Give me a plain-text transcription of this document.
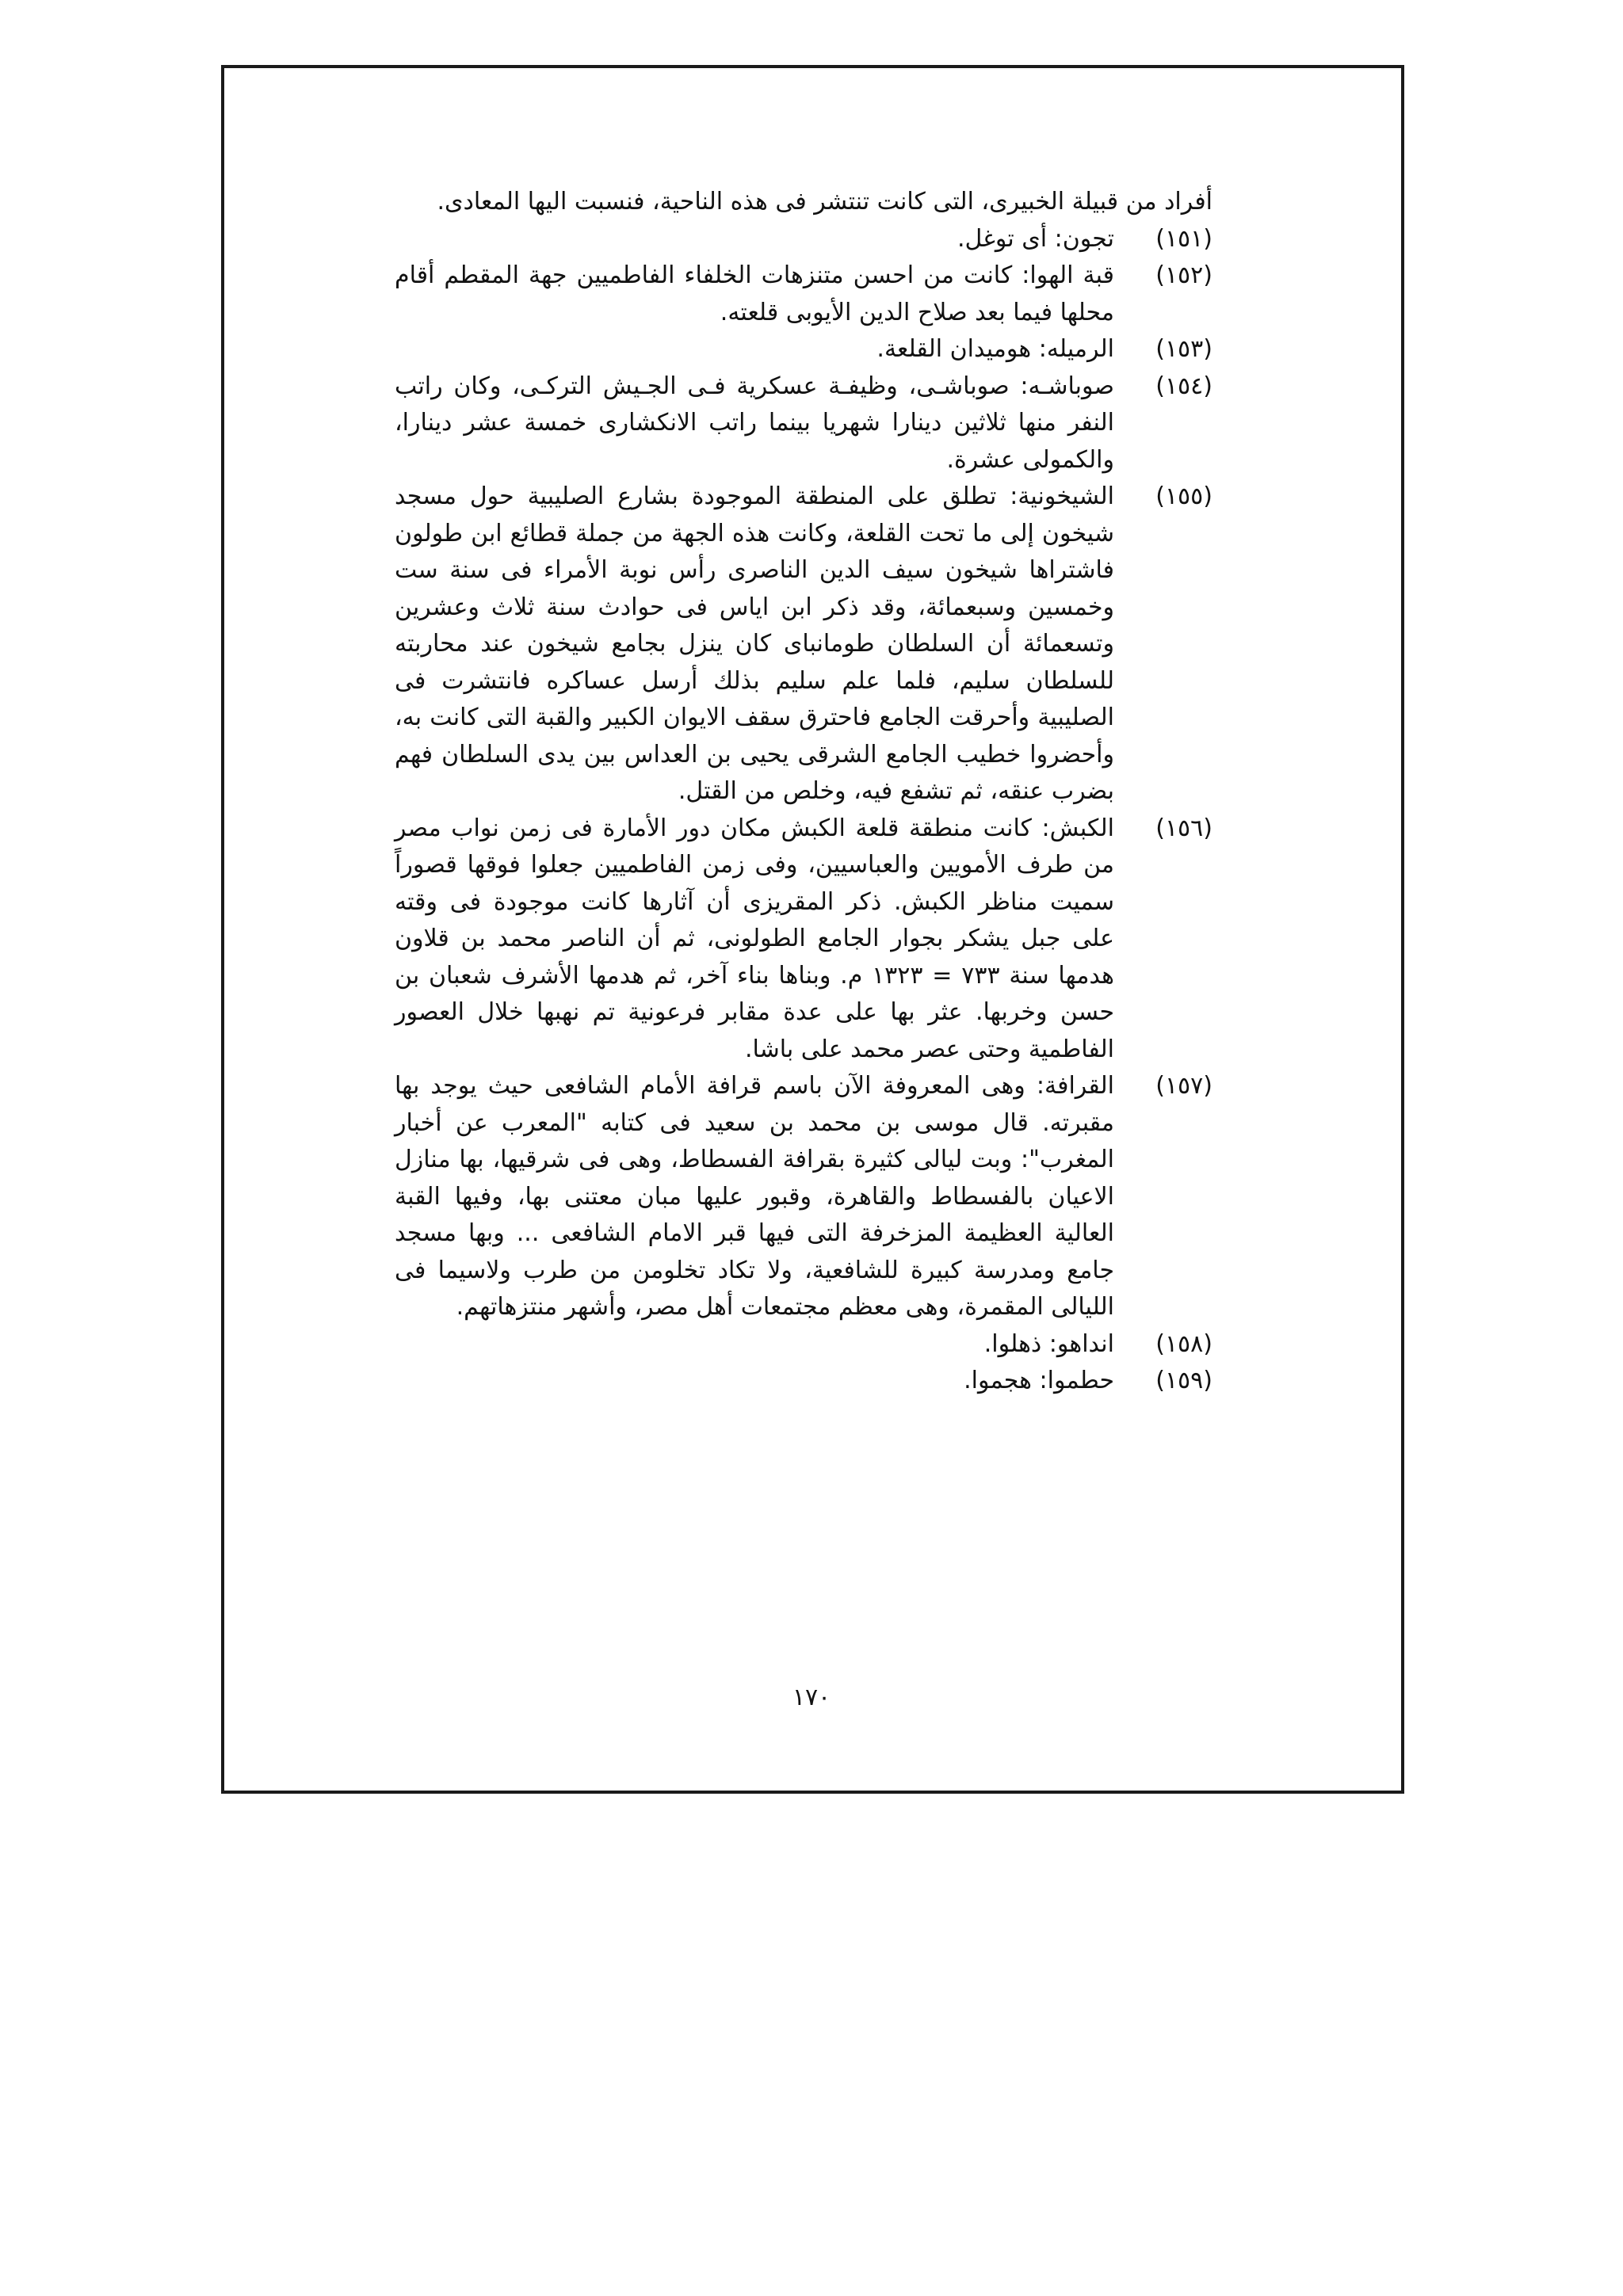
أفراد من قبيلة الخبيرى، التى كانت تنتشر فى هذه الناحية، فنسبت اليها المعادى.
(١٥١)
تجون: أى توغل.
(١٥٢)
قبة الهوا: كانت من احسن متنزهات الخلفاء الفاطميين جهة المقطم أقام محلها فيما بعد صلاح الدين الأيوبى قلعته.
(١٥٣)
الرميله: هوميدان القلعة.
(١٥٤)
صوباشـه: صوباشـى، وظيفـة عسكرية فـى الجـيش التركـى، وكان راتب النفر منها ثلاثين دينارا شهريا بينما راتب الانكشارى خمسة عشر دينارا، والكمولى عشرة.
(١٥٥)
الشيخونية: تطلق على المنطقة الموجودة بشارع الصليبية حول مسجد شيخون إلى ما تحت القلعة، وكانت هذه الجهة من جملة قطائع ابن طولون فاشتراها شيخون سيف الدين الناصرى رأس نوبة الأمراء فى سنة ست وخمسين وسبعمائة، وقد ذكر ابن اياس فى حوادث سنة ثلاث وعشرين وتسعمائة أن السلطان طومانباى كان ينزل بجامع شيخون عند محاربته للسلطان سليم، فلما علم سليم بذلك أرسل عساكره فانتشرت فى الصليبية وأحرقت الجامع فاحترق سقف الايوان الكبير والقبة التى كانت به، وأحضروا خطيب الجامع الشرقى يحيى بن العداس بين يدى السلطان فهم بضرب عنقه، ثم تشفع فيه، وخلص من القتل.
(١٥٦)
الكبش: كانت منطقة قلعة الكبش مكان دور الأمارة فى زمن نواب مصر من طرف الأمويين والعباسيين، وفى زمن الفاطميين جعلوا فوقها قصوراً سميت مناظر الكبش. ذكر المقريزى أن آثارها كانت موجودة فى وقته على جبل يشكر بجوار الجامع الطولونى، ثم أن الناصر محمد بن قلاون هدمها سنة ٧٣٣ = ١٣٢٣ م. وبناها بناء آخر، ثم هدمها الأشرف شعبان بن حسن وخربها. عثر بها على عدة مقابر فرعونية تم نهبها خلال العصور الفاطمية وحتى عصر محمد على باشا.
(١٥٧)
القرافة: وهى المعروفة الآن باسم قرافة الأمام الشافعى حيث يوجد بها مقبرته. قال موسى بن محمد بن سعيد فى كتابه "المعرب عن أخبار المغرب": وبت ليالى كثيرة بقرافة الفسطاط، وهى فى شرقيها، بها منازل الاعيان بالفسطاط والقاهرة، وقبور عليها مبان معتنى بها، وفيها القبة العالية العظيمة المزخرفة التى فيها قبر الامام الشافعى ... وبها مسجد جامع ومدرسة كبيرة للشافعية، ولا تكاد تخلومن من طرب ولاسيما فى الليالى المقمرة، وهى معظم مجتمعات أهل مصر، وأشهر منتزهاتهم.
(١٥٨)
انداهو: ذهلوا.
(١٥٩)
حطموا: هجموا.
١٧٠
